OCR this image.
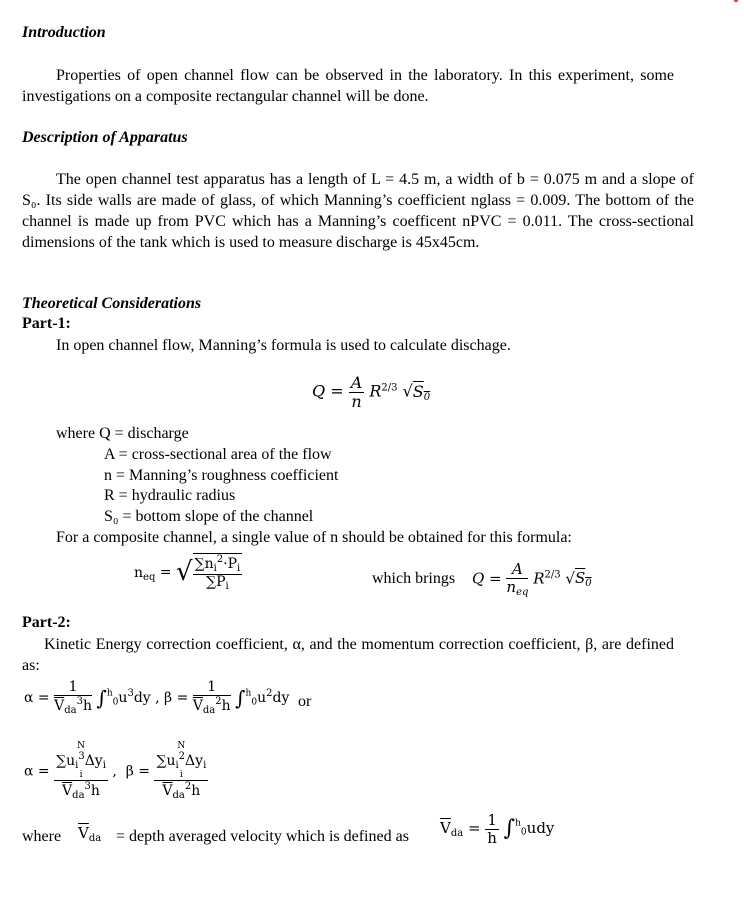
Introduction
Properties of open channel flow can be observed in the laboratory. In this experiment, some investigations on a composite rectangular channel will be done.
Description of Apparatus
The open channel test apparatus has a length of L = 4.5 m, a width of b = 0.075 m and a slope of S₀. Its side walls are made of glass, of which Manning’s coefficient nglass = 0.009. The bottom of the channel is made up from PVC which has a Manning’s coefficent nPVC = 0.011. The cross-sectional dimensions of the tank which is used to measure discharge is 45x45cm.
Theoretical Considerations
Part-1:
In open channel flow, Manning’s formula is used to calculate dischage.
$Q = \frac{A}{n} R^{2/3}$ $√S_0$
where Q = discharge
A = cross-sectional area of the flow
n = Manning’s roughness coefficient
R = hydraulic radius
S₀ = bottom slope of the channel
For a composite channel, a single value of n should be obtained for this formula:
$n_{eq}$ = √ $\frac{\sum n_i^2\cdot P_i}{\sum P_i}$	which brings $Q = \frac{A}{n_{eq}} R^{2/3}$ $√S_0$
Part-2:
Kinetic Energy correction coefficient, α, and the momentum correction coefficient, β, are defined as:
$\alpha = \frac{1}{\overline{V}_{da}^3h} \int^h_0u^3dy$ , $\beta = \frac{1}{\overline{V}_{da}^2h} \int^h_0u^2dy$ or
α = N
$\sum u_i^3\Delta y_i$
i
$\overline{V}_{da}^3h$ ,  β = N
$\sum u_i^2\Delta y_i$
i
$\overline{V}_{da}^2h$
where $\overline{V}_{da}$ = depth averaged velocity which is defined as $\overline{V}_{da} = \frac{1}{h} \int^h_0udy$
